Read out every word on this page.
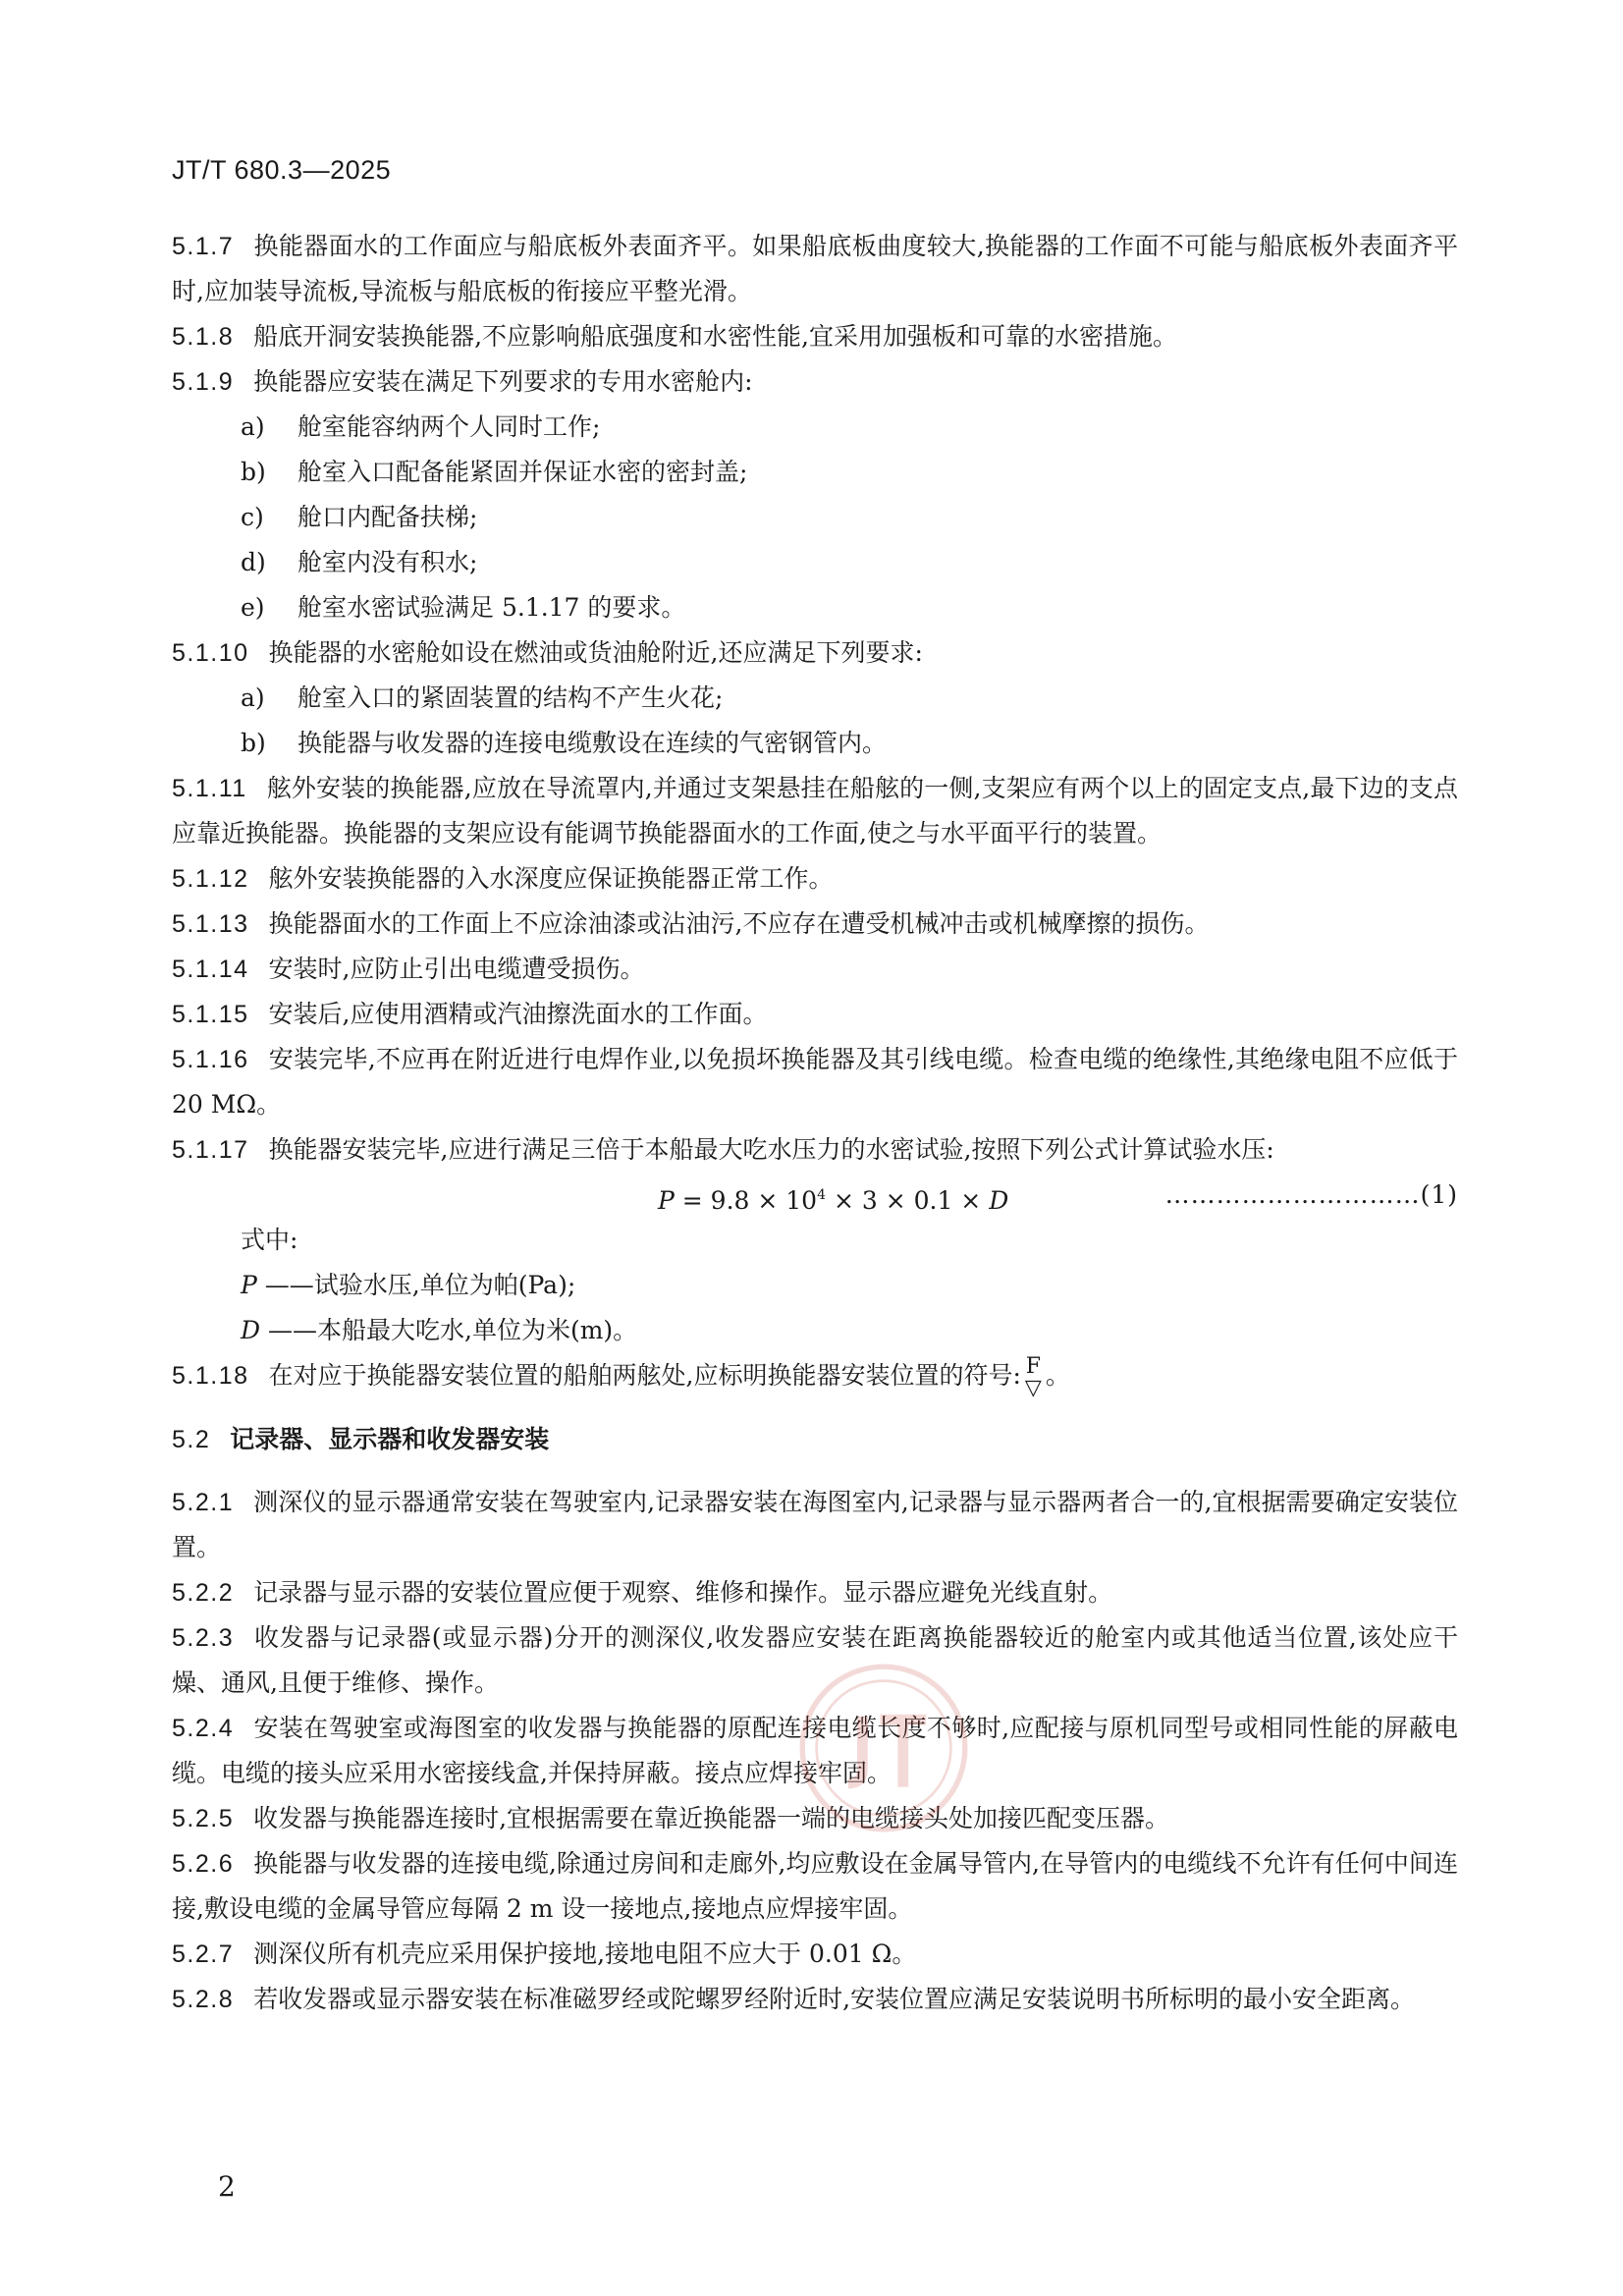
JT/T 680.3—2025

5.1.7 换能器面水的工作面应与船底板外表面齐平。如果船底板曲度较大,换能器的工作面不可能与船底板外表面齐平时,应加装导流板,导流板与船底板的衔接应平整光滑。

5.1.8 船底开洞安装换能器,不应影响船底强度和水密性能,宜采用加强板和可靠的水密措施。

5.1.9 换能器应安装在满足下列要求的专用水密舱内:

a) 舱室能容纳两个人同时工作;
b) 舱室入口配备能紧固并保证水密的密封盖;
c) 舱口内配备扶梯;
d) 舱室内没有积水;
e) 舱室水密试验满足 5.1.17 的要求。

5.1.10 换能器的水密舱如设在燃油或货油舱附近,还应满足下列要求:

a) 舱室入口的紧固装置的结构不产生火花;
b) 换能器与收发器的连接电缆敷设在连续的气密钢管内。

5.1.11 舷外安装的换能器,应放在导流罩内,并通过支架悬挂在船舷的一侧,支架应有两个以上的固定支点,最下边的支点应靠近换能器。换能器的支架应设有能调节换能器面水的工作面,使之与水平面平行的装置。

5.1.12 舷外安装换能器的入水深度应保证换能器正常工作。

5.1.13 换能器面水的工作面上不应涂油漆或沾油污,不应存在遭受机械冲击或机械摩擦的损伤。

5.1.14 安装时,应防止引出电缆遭受损伤。

5.1.15 安装后,应使用酒精或汽油擦洗面水的工作面。

5.1.16 安装完毕,不应再在附近进行电焊作业,以免损坏换能器及其引线电缆。检查电缆的绝缘性,其绝缘电阻不应低于 20 MΩ。

5.1.17 换能器安装完毕,应进行满足三倍于本船最大吃水压力的水密试验,按照下列公式计算试验水压:

$P = 9.8 \times 10^4 \times 3 \times 0.1 \times D$	…………………………(1)
式中:
P ——试验水压,单位为帕(Pa);
D ——本船最大吃水,单位为米(m)。

5.1.18 在对应于换能器安装位置的船舶两舷处,应标明换能器安装位置的符号: F
▽ 。

5.2 记录器、显示器和收发器安装

5.2.1 测深仪的显示器通常安装在驾驶室内,记录器安装在海图室内,记录器与显示器两者合一的,宜根据需要确定安装位置。

5.2.2 记录器与显示器的安装位置应便于观察、维修和操作。显示器应避免光线直射。

5.2.3 收发器与记录器(或显示器)分开的测深仪,收发器应安装在距离换能器较近的舱室内或其他适当位置,该处应干燥、通风,且便于维修、操作。

5.2.4 安装在驾驶室或海图室的收发器与换能器的原配连接电缆长度不够时,应配接与原机同型号或相同性能的屏蔽电缆。电缆的接头应采用水密接线盒,并保持屏蔽。接点应焊接牢固。

5.2.5 收发器与换能器连接时,宜根据需要在靠近换能器一端的电缆接头处加接匹配变压器。

5.2.6 换能器与收发器的连接电缆,除通过房间和走廊外,均应敷设在金属导管内,在导管内的电缆线不允许有任何中间连接,敷设电缆的金属导管应每隔 2 m 设一接地点,接地点应焊接牢固。

5.2.7 测深仪所有机壳应采用保护接地,接地电阻不应大于 0.01 Ω。

5.2.8 若收发器或显示器安装在标准磁罗经或陀螺罗经附近时,安装位置应满足安装说明书所标明的最小安全距离。

2
